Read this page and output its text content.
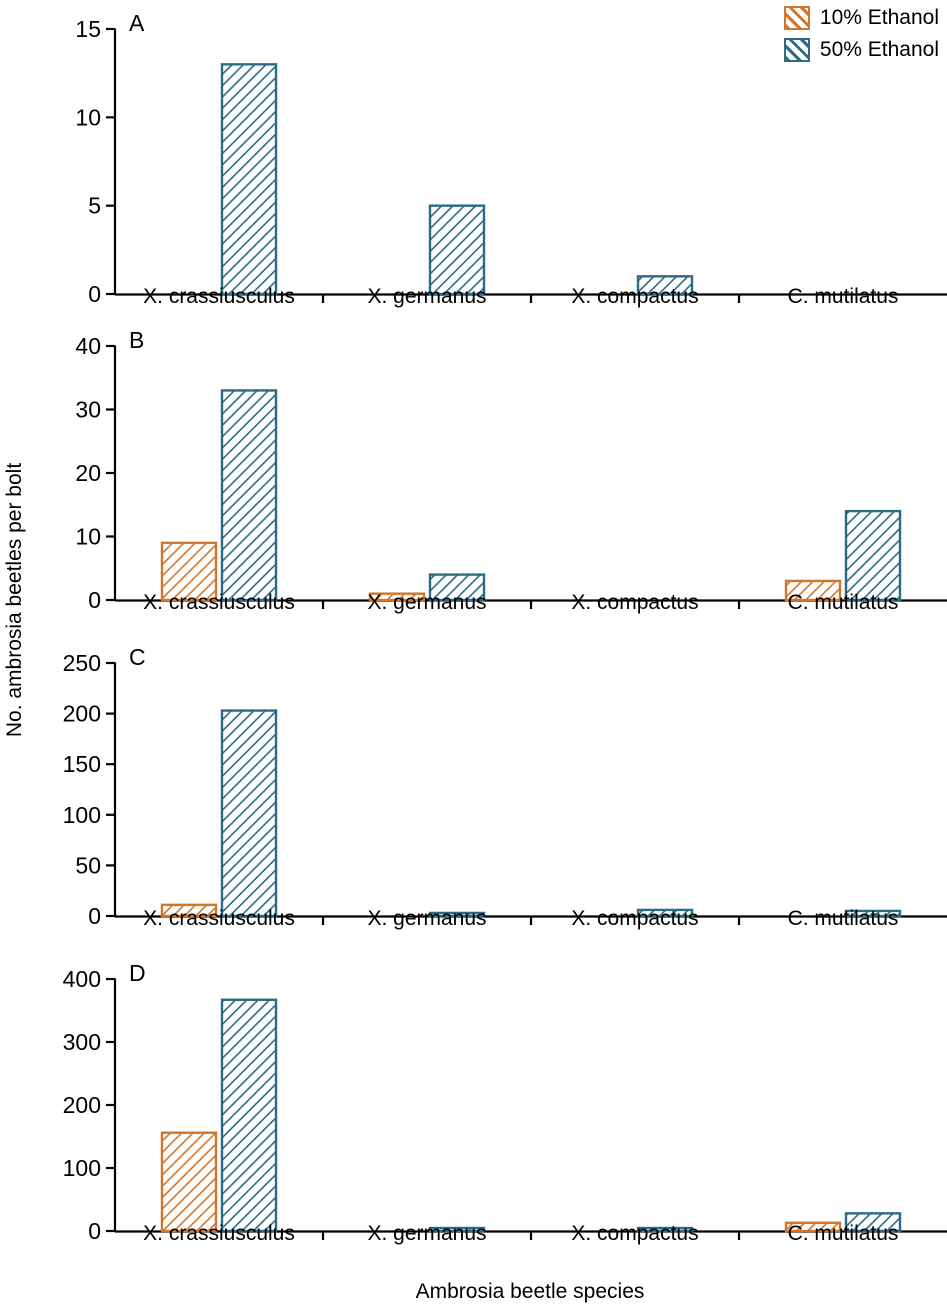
No. ambrosia beetles per bolt
0
5
10
15 A
X. crassiusculus	X. germanus	X. compactus	C. mutilatus
0
10
20
30
40 B
X. crassiusculus	X. germanus	X. compactus	C. mutilatus
0
50
100
150
200
250 C
X. crassiusculus	X. germanus	X. compactus	C. mutilatus
0
100
200
300
400 D
X. crassiusculus	X. germanus	X. compactus	C. mutilatus
10% Ethanol
50% Ethanol
Ambrosia beetle species
